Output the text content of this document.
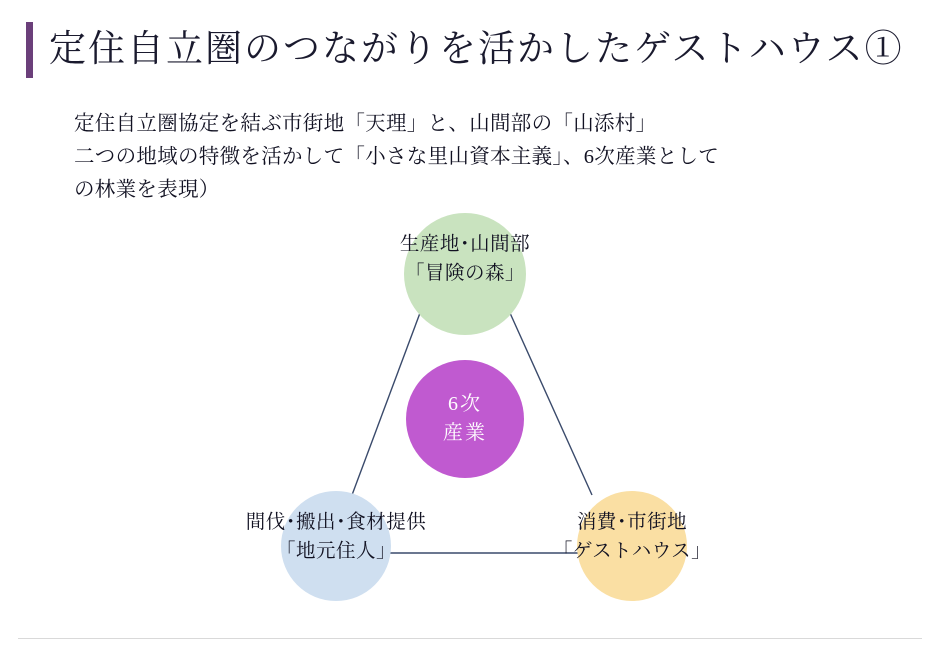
定住自立圏のつながりを活かしたゲストハウス①
定住自立圏協定を結ぶ市街地「天理」と、山間部の「山添村」
二つの地域の特徴を活かして「小さな里山資本主義」、6次産業として
の林業を表現）
6次
産業
生産地･山間部
「冒険の森」
間伐･搬出･食材提供
「地元住人」
消費･市街地
「ゲストハウス」
